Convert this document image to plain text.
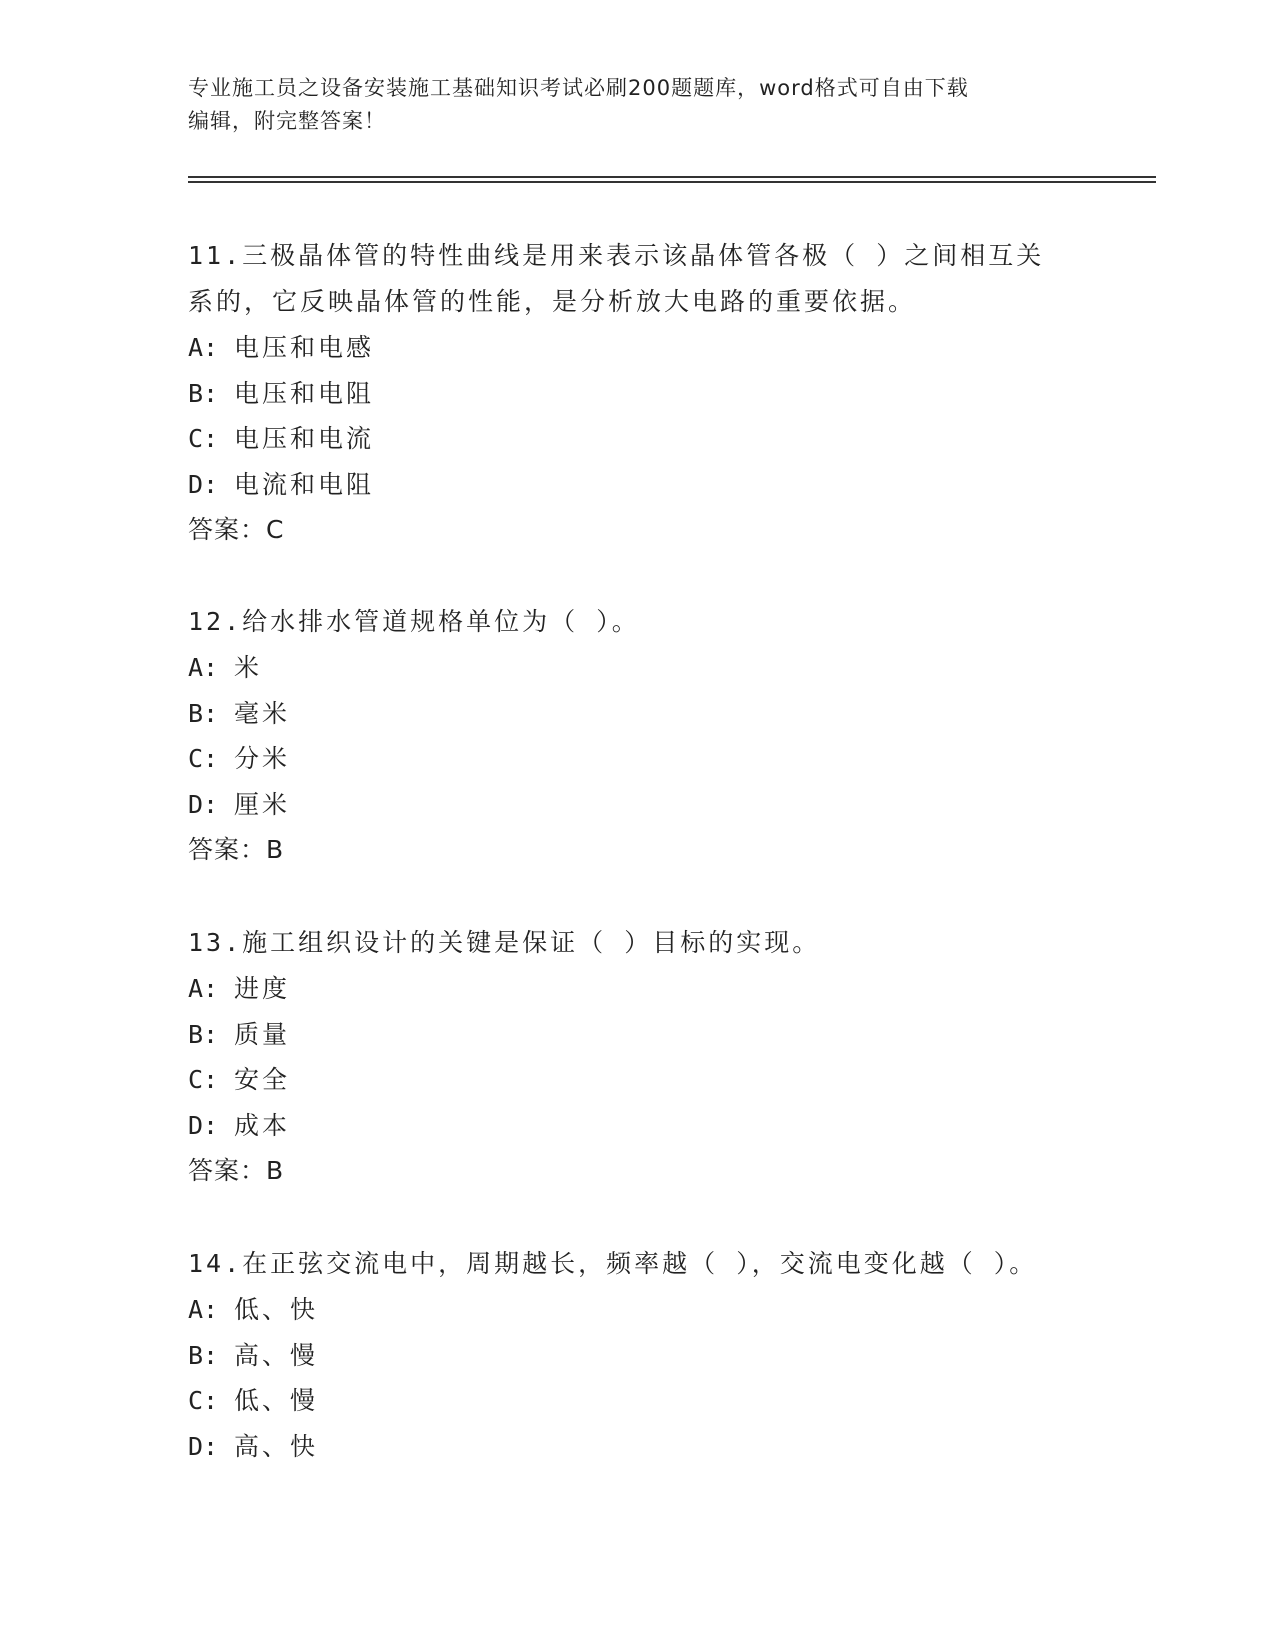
专业施工员之设备安装施工基础知识考试必刷200题题库，word格式可自由下载
编辑，附完整答案！
11.三极晶体管的特性曲线是用来表示该晶体管各极（ ）之间相互关
系的，它反映晶体管的性能，是分析放大电路的重要依据。
A: 电压和电感
B: 电压和电阻
C: 电压和电流
D: 电流和电阻
答案：C
12.给水排水管道规格单位为（ ）。
A: 米
B: 毫米
C: 分米
D: 厘米
答案：B
13.施工组织设计的关键是保证（ ）目标的实现。
A: 进度
B: 质量
C: 安全
D: 成本
答案：B
14.在正弦交流电中，周期越长，频率越（ ），交流电变化越（ ）。
A: 低、快
B: 高、慢
C: 低、慢
D: 高、快
